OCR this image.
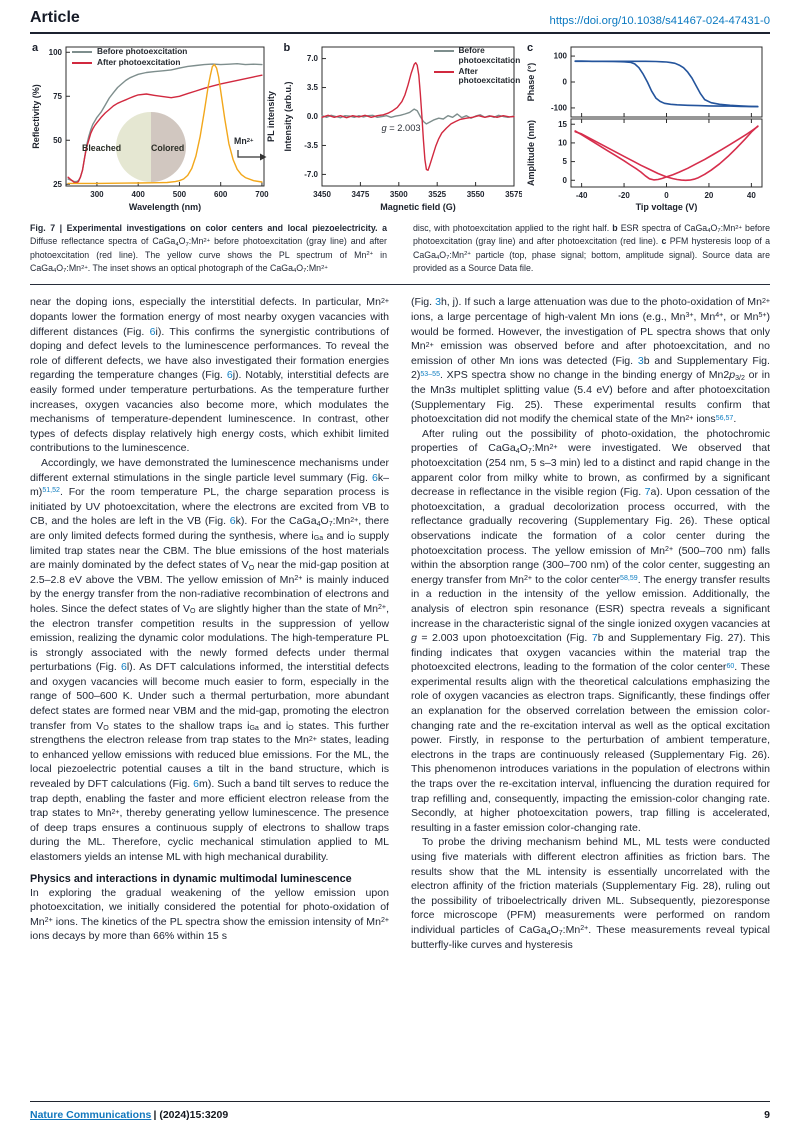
Article	https://doi.org/10.1038/s41467-024-47431-0
300	400	500	600	700
25
50
75
100
Wavelength (nm)
Reflectivity (%)	PL intensity
a	Before photoexcitation
After photoexcitation
Bleached	Colored
$Mn^{2+}$
3450	3475	3500	3525	3550	3575
7.0
3.5
0.0
-3.5
-7.0
Magnetic field (G)
Intensity (arb.u.)
b	Before photoexcitation
After photoexcitation
g = 2.003
100
0
-100
Phase (°)
-40	-20	0	20	40
0
5
10
15
Tip voltage (V)
Amplitude (nm)
c
Fig. 7 | Experimental investigations on color centers and local piezoelectricity. a Diffuse reflectance spectra of $CaGa4O7:Mn^{2+}$ before photoexcitation (gray line) and after photoexcitation (red line). The yellow curve shows the PL spectrum of $Mn^{2+}$ in $CaGa4O7:Mn^{2+}$. The inset shows an optical photograph of the $CaGa4O7:Mn^{2+}$
disc, with photoexcitation applied to the right half. b ESR spectra of $CaGa4O7:Mn^{2+}$ before photoexcitation (gray line) and after photoexcitation (red line). c PFM hysteresis loop of a $CaGa4O7:Mn^{2+}$ particle (top, phase signal; bottom, amplitude signal). Source data are provided as a Source Data file.

near the doping ions, especially the interstitial defects. In particular, $Mn^{2+}$ dopants lower the formation energy of most nearby oxygen vacancies with different distances (Fig. 6i). This confirms the synergistic contributions of doping and defect levels to the luminescence performances. To reveal the role of different defects, we have also investigated their formation energies regarding the temperature changes (Fig. 6j). Notably, interstitial defects are easily formed under temperature perturbations. As the temperature further increases, oxygen vacancies also become more, which modulates the mechanisms of temperature-dependent luminescence. In contrast, other types of defects display relatively high energy costs, which exhibit limited contributions to the luminescence.

Accordingly, we have demonstrated the luminescence mechanisms under different external stimulations in the single particle level summary (Fig. 6k–m)$^{51,52}$. For the room temperature PL, the charge separation process is initiated by UV photoexcitation, where the electrons are excited from VB to CB, and the holes are left in the VB (Fig. 6k). For the $CaGa4O7:Mn^{2+}$, there are only limited defects formed during the synthesis, where iGa and iO supply limited trap states near the CBM. The blue emissions of the host materials are mainly dominated by the defect states of VO near the mid-gap position at 2.5–2.8 eV above the VBM. The yellow emission of $Mn^{2+}$ is mainly induced by the energy transfer from the non-radiative recombination of electrons and holes. Since the defect states of VO are slightly higher than the state of $Mn^{2+}$, the electron transfer competition results in the suppression of yellow emission, realizing the dynamic color modulations. The high-temperature PL is strongly associated with the newly formed defects under thermal perturbations (Fig. 6l). As DFT calculations informed, the interstitial defects and oxygen vacancies will become much easier to form, especially in the range of 500–600 K. Under such a thermal perturbation, more abundant defect states are formed near VBM and the mid-gap, promoting the electron transfer from VO states to the shallow traps iGa and iO states. This further strengthens the electron release from trap states to the $Mn^{2+}$ states, leading to enhanced yellow emissions with reduced blue emissions. For the ML, the local piezoelectric potential causes a tilt in the band structure, which is revealed by DFT calculations (Fig. 6m). Such a band tilt serves to reduce the trap depth, enabling the faster and more efficient electron release from the trap states to $Mn^{2+}$, thereby generating yellow luminescence. The presence of deep traps ensures a continuous supply of electrons to shallow traps during the ML. Therefore, cyclic mechanical stimulation applied to ML elastomers yields an intense ML with high mechanical durability.

Physics and interactions in dynamic multimodal luminescence

In exploring the gradual weakening of the yellow emission upon photoexcitation, we initially considered the potential for photo-oxidation of $Mn^{2+}$ ions. The kinetics of the PL spectra show the emission intensity of $Mn^{2+}$ ions decays by more than 66% within 15 s

(Fig. 3h, j). If such a large attenuation was due to the photo-oxidation of $Mn^{2+}$ ions, a large percentage of high-valent Mn ions (e.g., $Mn^{3+}$, $Mn^{4+}$, or $Mn^{5+}$) would be formed. However, the investigation of PL spectra shows that only $Mn^{2+}$ emission was observed before and after photoexcitation, and no emission of other Mn ions was detected (Fig. 3b and Supplementary Fig. 2)$^{53-55}$. XPS spectra show no change in the binding energy of Mn2p3/2 or in the Mn3s multiplet splitting value (5.4 eV) before and after photoexcitation (Supplementary Fig. 25). These experimental results confirm that photoexcitation did not modify the chemical state of the $Mn^{2+}$ ions$^{56,57}$.

After ruling out the possibility of photo-oxidation, the photochromic properties of $CaGa4O7:Mn^{2+}$ were investigated. We observed that photoexcitation (254 nm, 5 s–3 min) led to a distinct and rapid change in the apparent color from milky white to brown, as confirmed by a significant decrease in reflectance in the visible region (Fig. 7a). Upon cessation of the photoexcitation, a gradual decolorization process occurred, with the reflectance gradually recovering (Supplementary Fig. 26). These optical observations indicate the formation of a color center during the photoexcitation process. The yellow emission of $Mn^{2+}$ (500–700 nm) falls within the absorption range (300–700 nm) of the color center, suggesting an energy transfer from $Mn^{2+}$ to the color center$^{58,59}$. The energy transfer results in a reduction in the intensity of the yellow emission. Additionally, the analysis of electron spin resonance (ESR) spectra reveals a significant increase in the characteristic signal of the single ionized oxygen vacancies at g = 2.003 upon photoexcitation (Fig. 7b and Supplementary Fig. 27). This finding indicates that oxygen vacancies within the material trap the photoexcited electrons, leading to the formation of the color center$^{60}$. These experimental results align with the theoretical calculations emphasizing the role of oxygen vacancies as electron traps. Significantly, these findings offer an explanation for the observed correlation between the emission color-changing rate and the re-excitation interval as well as the optical excitation power. Firstly, in response to the perturbation of ambient temperature, electrons in the traps are continuously released (Supplementary Fig. 26). This phenomenon introduces variations in the population of electrons within the traps over the re-excitation interval, influencing the duration required for trap refilling and, consequently, impacting the emission-color changing rate. Secondly, at higher photoexcitation powers, trap filling is accelerated, resulting in a faster emission color-changing rate.

To probe the driving mechanism behind ML, ML tests were conducted using five materials with different electron affinities as friction bars. The results show that the ML intensity is essentially uncorrelated with the electron affinity of the friction materials (Supplementary Fig. 28), ruling out the possibility of triboelectrically driven ML. Subsequently, piezoresponse force microscope (PFM) measurements were performed on random individual particles of $CaGa4O7:Mn^{2+}$. These measurements reveal typical butterfly-like curves and hysteresis

Nature Communications | (2024)15:3209	9
